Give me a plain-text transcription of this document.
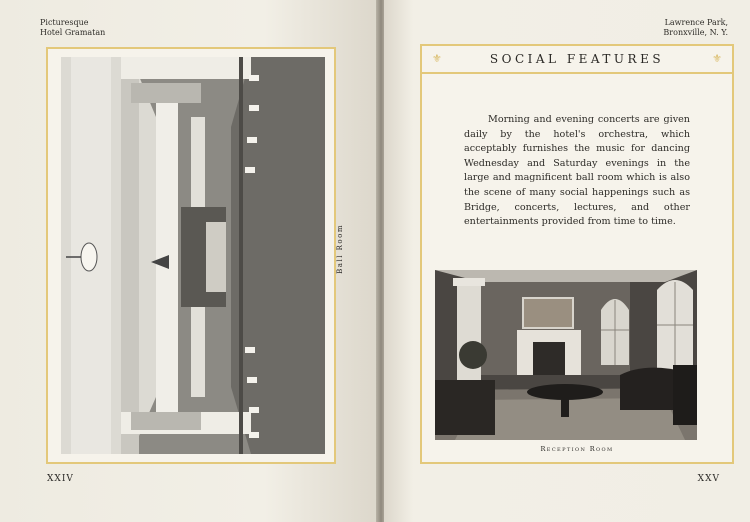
Picturesque
Hotel Gramatan
Ball Room
XXIV
Lawrence Park,
Bronxville, N. Y.
⚜	SOCIAL FEATURES	⚜

Morning and evening concerts are given daily by the hotel's orchestra, which acceptably furnishes the music for dancing Wednesday and Saturday evenings in the large and magnificent ball room which is also the scene of many social happenings such as Bridge, concerts, lectures, and other entertainments provided from time to time.

Reception Room
XXV
